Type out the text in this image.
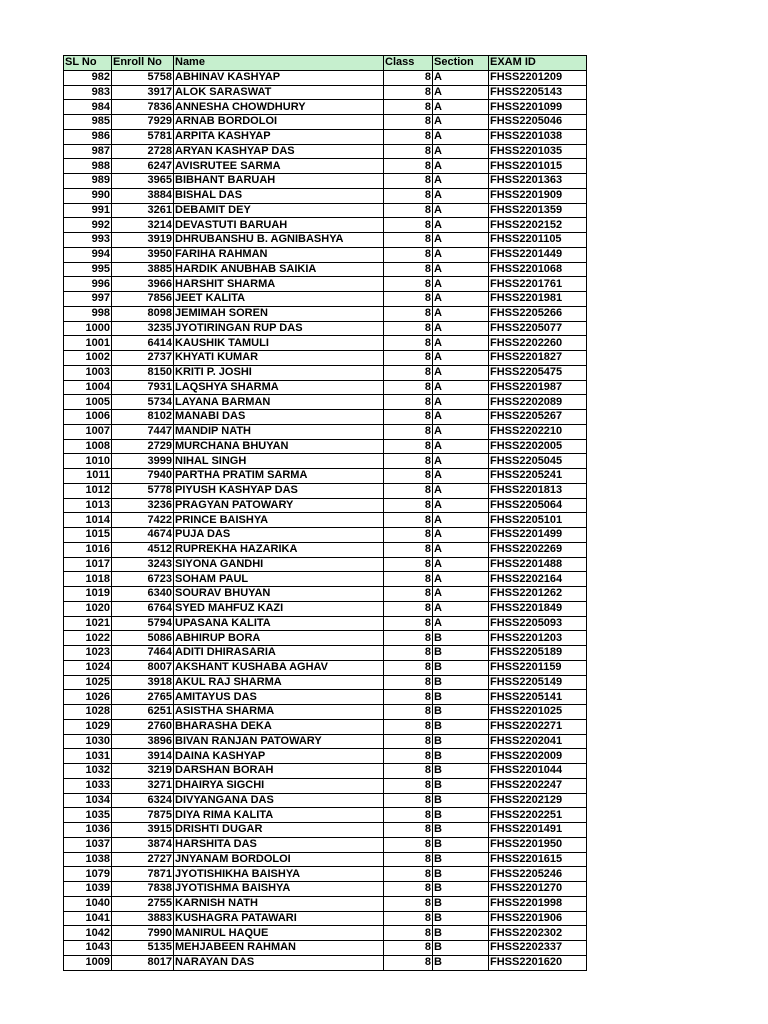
SL No	Enroll No	Name	Class	Section	EXAM ID
982	5758	ABHINAV KASHYAP	8	A	FHSS2201209
983	3917	ALOK SARASWAT	8	A	FHSS2205143
984	7836	ANNESHA CHOWDHURY	8	A	FHSS2201099
985	7929	ARNAB BORDOLOI	8	A	FHSS2205046
986	5781	ARPITA KASHYAP	8	A	FHSS2201038
987	2728	ARYAN KASHYAP DAS	8	A	FHSS2201035
988	6247	AVISRUTEE SARMA	8	A	FHSS2201015
989	3965	BIBHANT BARUAH	8	A	FHSS2201363
990	3884	BISHAL DAS	8	A	FHSS2201909
991	3261	DEBAMIT DEY	8	A	FHSS2201359
992	3214	DEVASTUTI BARUAH	8	A	FHSS2202152
993	3919	DHRUBANSHU B. AGNIBASHYA	8	A	FHSS2201105
994	3950	FARIHA RAHMAN	8	A	FHSS2201449
995	3885	HARDIK ANUBHAB SAIKIA	8	A	FHSS2201068
996	3966	HARSHIT SHARMA	8	A	FHSS2201761
997	7856	JEET KALITA	8	A	FHSS2201981
998	8098	JEMIMAH SOREN	8	A	FHSS2205266
1000	3235	JYOTIRINGAN RUP DAS	8	A	FHSS2205077
1001	6414	KAUSHIK TAMULI	8	A	FHSS2202260
1002	2737	KHYATI KUMAR	8	A	FHSS2201827
1003	8150	KRITI P. JOSHI	8	A	FHSS2205475
1004	7931	LAQSHYA SHARMA	8	A	FHSS2201987
1005	5734	LAYANA BARMAN	8	A	FHSS2202089
1006	8102	MANABI DAS	8	A	FHSS2205267
1007	7447	MANDIP NATH	8	A	FHSS2202210
1008	2729	MURCHANA BHUYAN	8	A	FHSS2202005
1010	3999	NIHAL SINGH	8	A	FHSS2205045
1011	7940	PARTHA PRATIM SARMA	8	A	FHSS2205241
1012	5778	PIYUSH KASHYAP DAS	8	A	FHSS2201813
1013	3236	PRAGYAN PATOWARY	8	A	FHSS2205064
1014	7422	PRINCE BAISHYA	8	A	FHSS2205101
1015	4674	PUJA DAS	8	A	FHSS2201499
1016	4512	RUPREKHA HAZARIKA	8	A	FHSS2202269
1017	3243	SIYONA GANDHI	8	A	FHSS2201488
1018	6723	SOHAM PAUL	8	A	FHSS2202164
1019	6340	SOURAV BHUYAN	8	A	FHSS2201262
1020	6764	SYED MAHFUZ KAZI	8	A	FHSS2201849
1021	5794	UPASANA KALITA	8	A	FHSS2205093
1022	5086	ABHIRUP BORA	8	B	FHSS2201203
1023	7464	ADITI DHIRASARIA	8	B	FHSS2205189
1024	8007	AKSHANT KUSHABA AGHAV	8	B	FHSS2201159
1025	3918	AKUL RAJ SHARMA	8	B	FHSS2205149
1026	2765	AMITAYUS DAS	8	B	FHSS2205141
1028	6251	ASISTHA SHARMA	8	B	FHSS2201025
1029	2760	BHARASHA DEKA	8	B	FHSS2202271
1030	3896	BIVAN RANJAN PATOWARY	8	B	FHSS2202041
1031	3914	DAINA KASHYAP	8	B	FHSS2202009
1032	3219	DARSHAN BORAH	8	B	FHSS2201044
1033	3271	DHAIRYA SIGCHI	8	B	FHSS2202247
1034	6324	DIVYANGANA DAS	8	B	FHSS2202129
1035	7875	DIYA RIMA KALITA	8	B	FHSS2202251
1036	3915	DRISHTI DUGAR	8	B	FHSS2201491
1037	3874	HARSHITA DAS	8	B	FHSS2201950
1038	2727	JNYANAM BORDOLOI	8	B	FHSS2201615
1079	7871	JYOTISHIKHA BAISHYA	8	B	FHSS2205246
1039	7838	JYOTISHMA BAISHYA	8	B	FHSS2201270
1040	2755	KARNISH NATH	8	B	FHSS2201998
1041	3883	KUSHAGRA PATAWARI	8	B	FHSS2201906
1042	7990	MANIRUL HAQUE	8	B	FHSS2202302
1043	5135	MEHJABEEN RAHMAN	8	B	FHSS2202337
1009	8017	NARAYAN DAS	8	B	FHSS2201620
